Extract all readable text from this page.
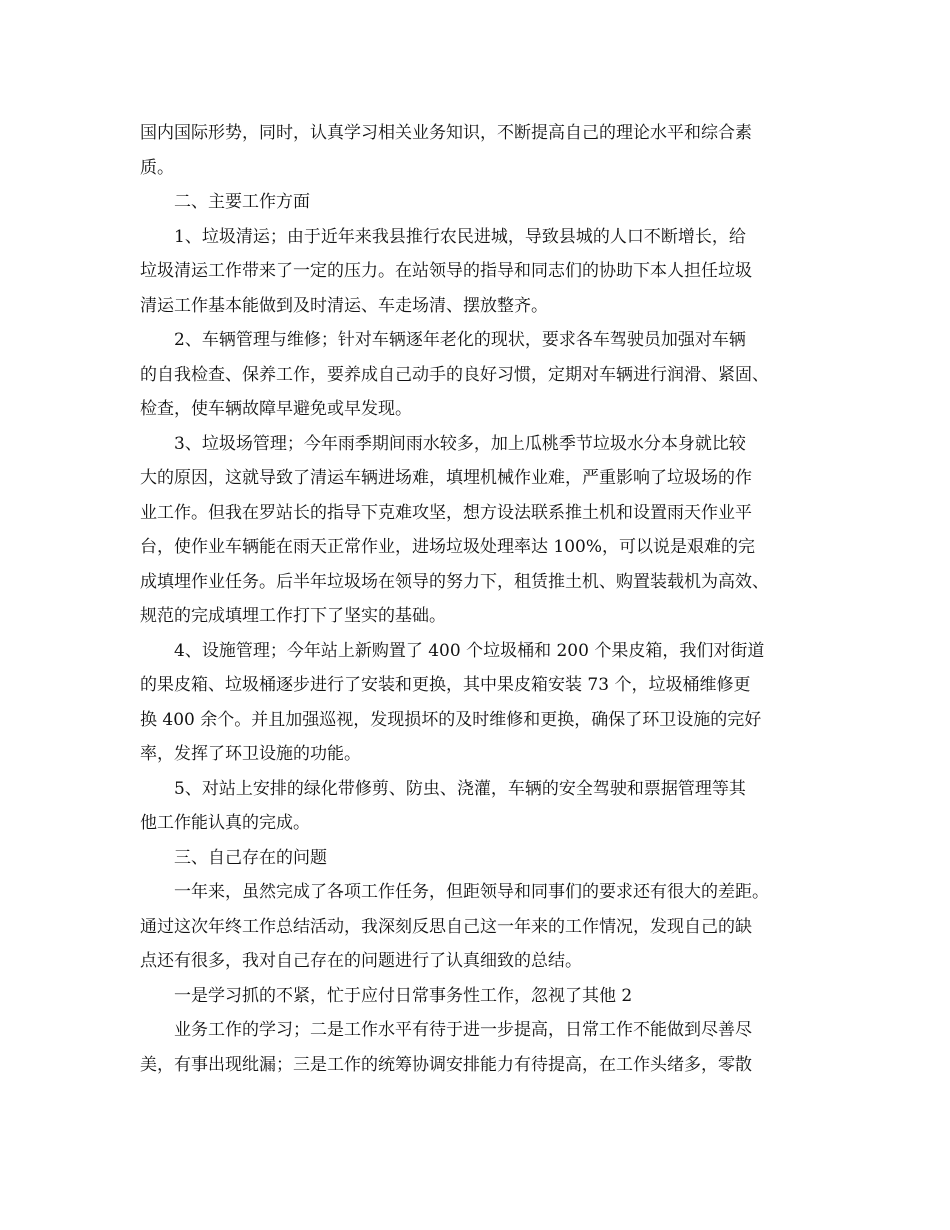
国内国际形势，同时，认真学习相关业务知识，不断提高自己的理论水平和综合素
质。
二、主要工作方面
1、垃圾清运；由于近年来我县推行农民进城，导致县城的人口不断增长，给
垃圾清运工作带来了一定的压力。在站领导的指导和同志们的协助下本人担任垃圾
清运工作基本能做到及时清运、车走场清、摆放整齐。
2、车辆管理与维修；针对车辆逐年老化的现状，要求各车驾驶员加强对车辆
的自我检查、保养工作，要养成自己动手的良好习惯，定期对车辆进行润滑、紧固、
检查，使车辆故障早避免或早发现。
3、垃圾场管理；今年雨季期间雨水较多，加上瓜桃季节垃圾水分本身就比较
大的原因，这就导致了清运车辆进场难，填埋机械作业难，严重影响了垃圾场的作
业工作。但我在罗站长的指导下克难攻坚，想方设法联系推土机和设置雨天作业平
台，使作业车辆能在雨天正常作业，进场垃圾处理率达 100%，可以说是艰难的完
成填埋作业任务。后半年垃圾场在领导的努力下，租赁推土机、购置装载机为高效、
规范的完成填埋工作打下了坚实的基础。
4、设施管理；今年站上新购置了 400 个垃圾桶和 200 个果皮箱，我们对街道
的果皮箱、垃圾桶逐步进行了安装和更换，其中果皮箱安装 73 个，垃圾桶维修更
换 400 余个。并且加强巡视，发现损坏的及时维修和更换，确保了环卫设施的完好
率，发挥了环卫设施的功能。
5、对站上安排的绿化带修剪、防虫、浇灌，车辆的安全驾驶和票据管理等其
他工作能认真的完成。
三、自己存在的问题
一年来，虽然完成了各项工作任务，但距领导和同事们的要求还有很大的差距。
通过这次年终工作总结活动，我深刻反思自己这一年来的工作情况，发现自己的缺
点还有很多，我对自己存在的问题进行了认真细致的总结。
一是学习抓的不紧，忙于应付日常事务性工作，忽视了其他 2
业务工作的学习；二是工作水平有待于进一步提高，日常工作不能做到尽善尽
美，有事出现纰漏；三是工作的统筹协调安排能力有待提高，在工作头绪多，零散
